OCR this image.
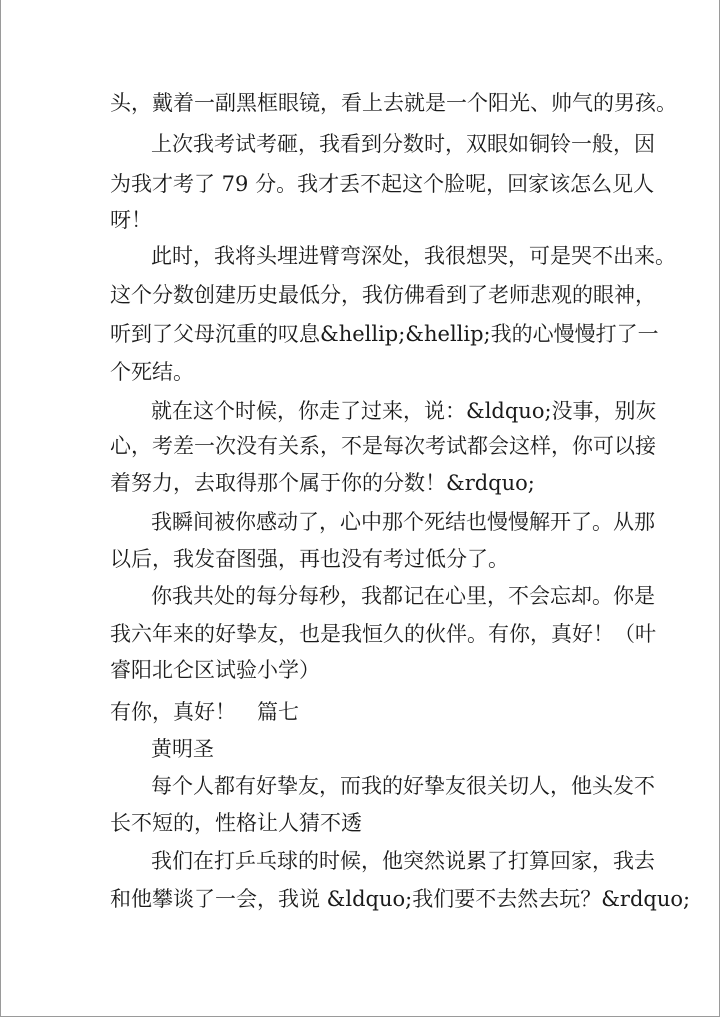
头，戴着一副黑框眼镜，看上去就是一个阳光、帅气的男孩。
上次我考试考砸，我看到分数时，双眼如铜铃一般，因
为我才考了 79 分。我才丢不起这个脸呢，回家该怎么见人
呀！
此时，我将头埋进臂弯深处，我很想哭，可是哭不出来。
这个分数创建历史最低分，我仿佛看到了老师悲观的眼神，
听到了父母沉重的叹息&hellip;&hellip;我的心慢慢打了一
个死结。
就在这个时候，你走了过来，说：&ldquo;没事，别灰
心，考差一次没有关系，不是每次考试都会这样，你可以接
着努力，去取得那个属于你的分数！&rdquo;
我瞬间被你感动了，心中那个死结也慢慢解开了。从那
以后，我发奋图强，再也没有考过低分了。
你我共处的每分每秒，我都记在心里，不会忘却。你是
我六年来的好挚友，也是我恒久的伙伴。有你，真好！（叶
睿阳北仑区试验小学）
有你，真好！　篇七
黄明圣
每个人都有好挚友，而我的好挚友很关切人，他头发不
长不短的，性格让人猜不透
我们在打乒乓球的时候，他突然说累了打算回家，我去
和他攀谈了一会，我说 &ldquo;我们要不去然去玩？&rdquo;
